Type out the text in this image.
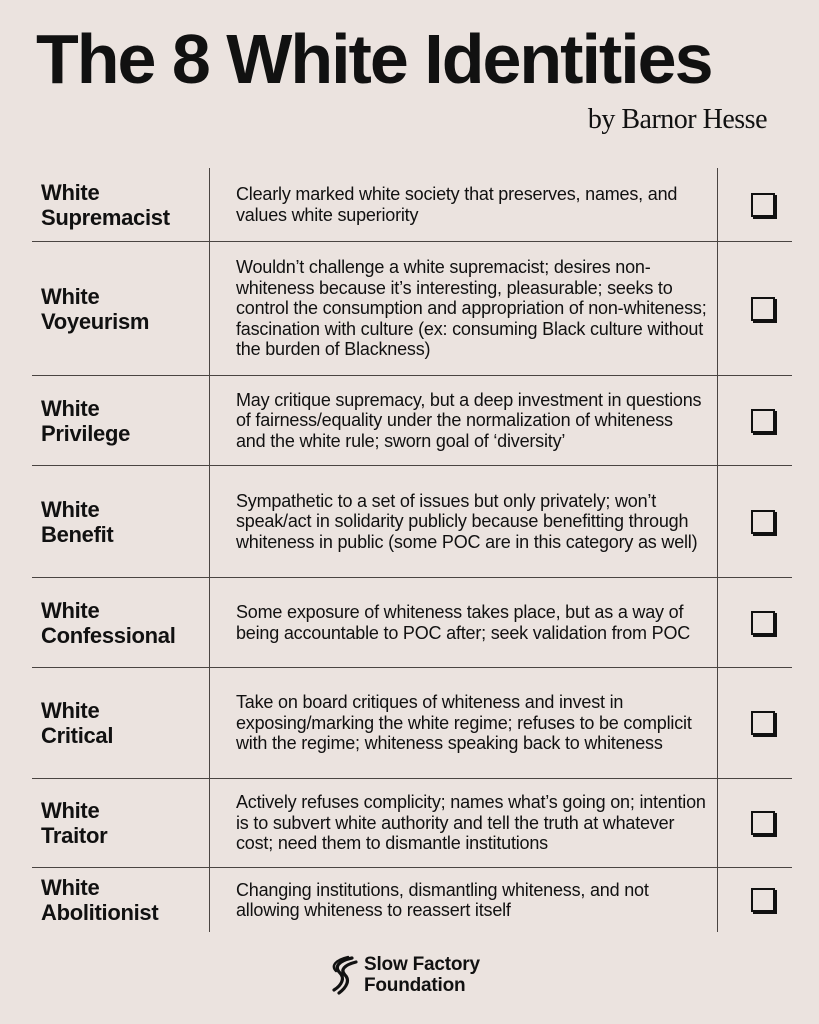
The 8 White Identities
by Barnor Hesse
White
Supremacist
Clearly marked white society that preserves, names, and values white superiority
White
Voyeurism
Wouldn’t challenge a white supremacist; desires non-whiteness because it’s interesting, pleasurable; seeks to control the consumption and appropriation of non-whiteness; fascination with culture (ex: consuming Black culture without the burden of Blackness)
White
Privilege
May critique supremacy, but a deep investment in questions of fairness/equality under the normalization of whiteness and the white rule; sworn goal of ‘diversity’
White
Benefit
Sympathetic to a set of issues but only privately; won’t speak/act in solidarity publicly because benefitting through whiteness in public (some POC are in this category as well)
White
Confessional
Some exposure of whiteness takes place, but as a way of being accountable to POC after; seek validation from POC
White
Critical
Take on board critiques of whiteness and invest in exposing/marking the white regime; refuses to be complicit with the regime; whiteness speaking back to whiteness
White
Traitor
Actively refuses complicity; names what’s going on; intention is to subvert white authority and tell the truth at whatever cost; need them to dismantle institutions
White
Abolitionist
Changing institutions, dismantling whiteness, and not allowing whiteness to reassert itself
Slow Factory
Foundation
